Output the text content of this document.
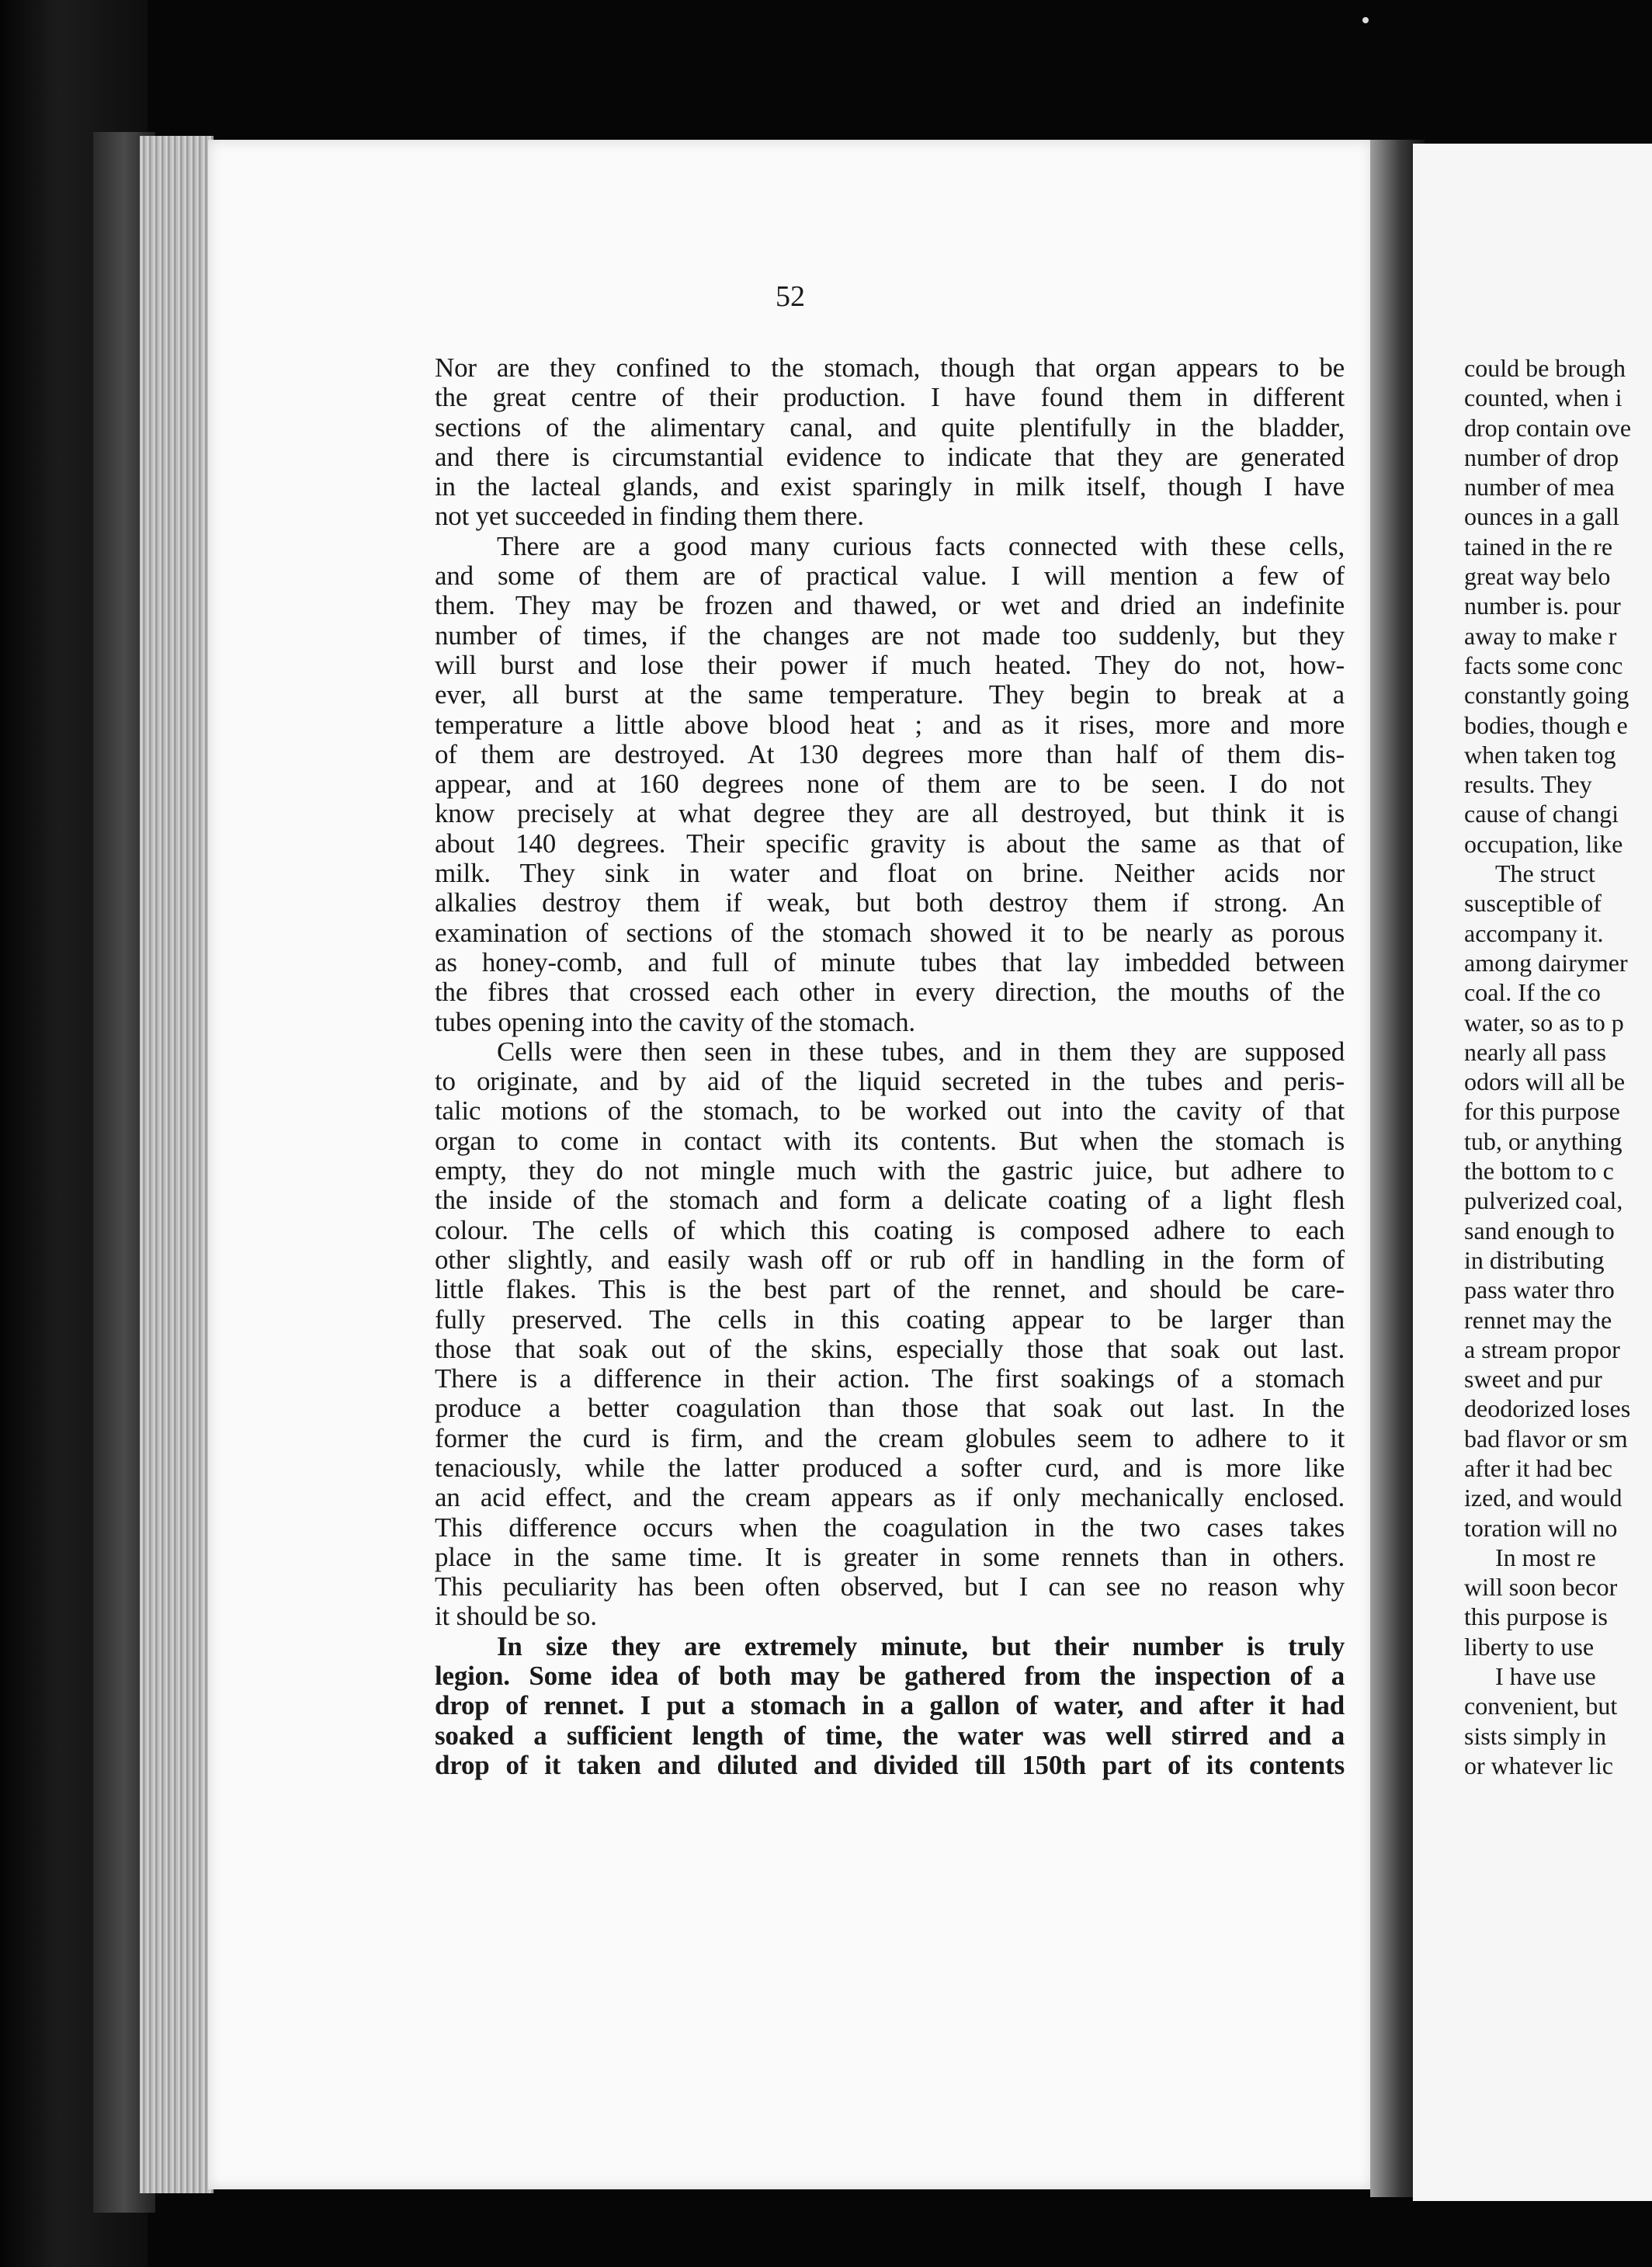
52
Nor are they confined to the stomach, though that organ appears to be
the great centre of their production. I have found them in different
sections of the alimentary canal, and quite plentifully in the bladder,
and there is circumstantial evidence to indicate that they are generated
in the lacteal glands, and exist sparingly in milk itself, though I have
not yet succeeded in finding them there.
There are a good many curious facts connected with these cells,
and some of them are of practical value. I will mention a few of
them. They may be frozen and thawed, or wet and dried an indefinite
number of times, if the changes are not made too suddenly, but they
will burst and lose their power if much heated. They do not, how-
ever, all burst at the same temperature. They begin to break at a
temperature a little above blood heat ; and as it rises, more and more
of them are destroyed. At 130 degrees more than half of them dis-
appear, and at 160 degrees none of them are to be seen. I do not
know precisely at what degree they are all destroyed, but think it is
about 140 degrees. Their specific gravity is about the same as that of
milk. They sink in water and float on brine. Neither acids nor
alkalies destroy them if weak, but both destroy them if strong. An
examination of sections of the stomach showed it to be nearly as porous
as honey-comb, and full of minute tubes that lay imbedded between
the fibres that crossed each other in every direction, the mouths of the
tubes opening into the cavity of the stomach.
Cells were then seen in these tubes, and in them they are supposed
to originate, and by aid of the liquid secreted in the tubes and peris-
talic motions of the stomach, to be worked out into the cavity of that
organ to come in contact with its contents. But when the stomach is
empty, they do not mingle much with the gastric juice, but adhere to
the inside of the stomach and form a delicate coating of a light flesh
colour. The cells of which this coating is composed adhere to each
other slightly, and easily wash off or rub off in handling in the form of
little flakes. This is the best part of the rennet, and should be care-
fully preserved. The cells in this coating appear to be larger than
those that soak out of the skins, especially those that soak out last.
There is a difference in their action. The first soakings of a stomach
produce a better coagulation than those that soak out last. In the
former the curd is firm, and the cream globules seem to adhere to it
tenaciously, while the latter produced a softer curd, and is more like
an acid effect, and the cream appears as if only mechanically enclosed.
This difference occurs when the coagulation in the two cases takes
place in the same time. It is greater in some rennets than in others.
This peculiarity has been often observed, but I can see no reason why
it should be so.
In size they are extremely minute, but their number is truly
legion. Some idea of both may be gathered from the inspection of a
drop of rennet. I put a stomach in a gallon of water, and after it had
soaked a sufficient length of time, the water was well stirred and a
drop of it taken and diluted and divided till 150th part of its contents
could be brough
counted, when i
drop contain ove
number of drop
number of mea
ounces in a gall
tained in the re
great way belo
number is. pour
away to make r
facts some conc
constantly going
bodies, though e
when taken tog
results. They
cause of changi
occupation, like
The struct
susceptible of
accompany it.
among dairymer
coal. If the co
water, so as to p
nearly all pass
odors will all be
for this purpose
tub, or anything
the bottom to c
pulverized coal,
sand enough to
in distributing
pass water thro
rennet may the
a stream propor
sweet and pur
deodorized loses
bad flavor or sm
after it had bec
ized, and would
toration will no
In most re
will soon becor
this purpose is
liberty to use
I have use
convenient, but
sists simply in
or whatever lic
